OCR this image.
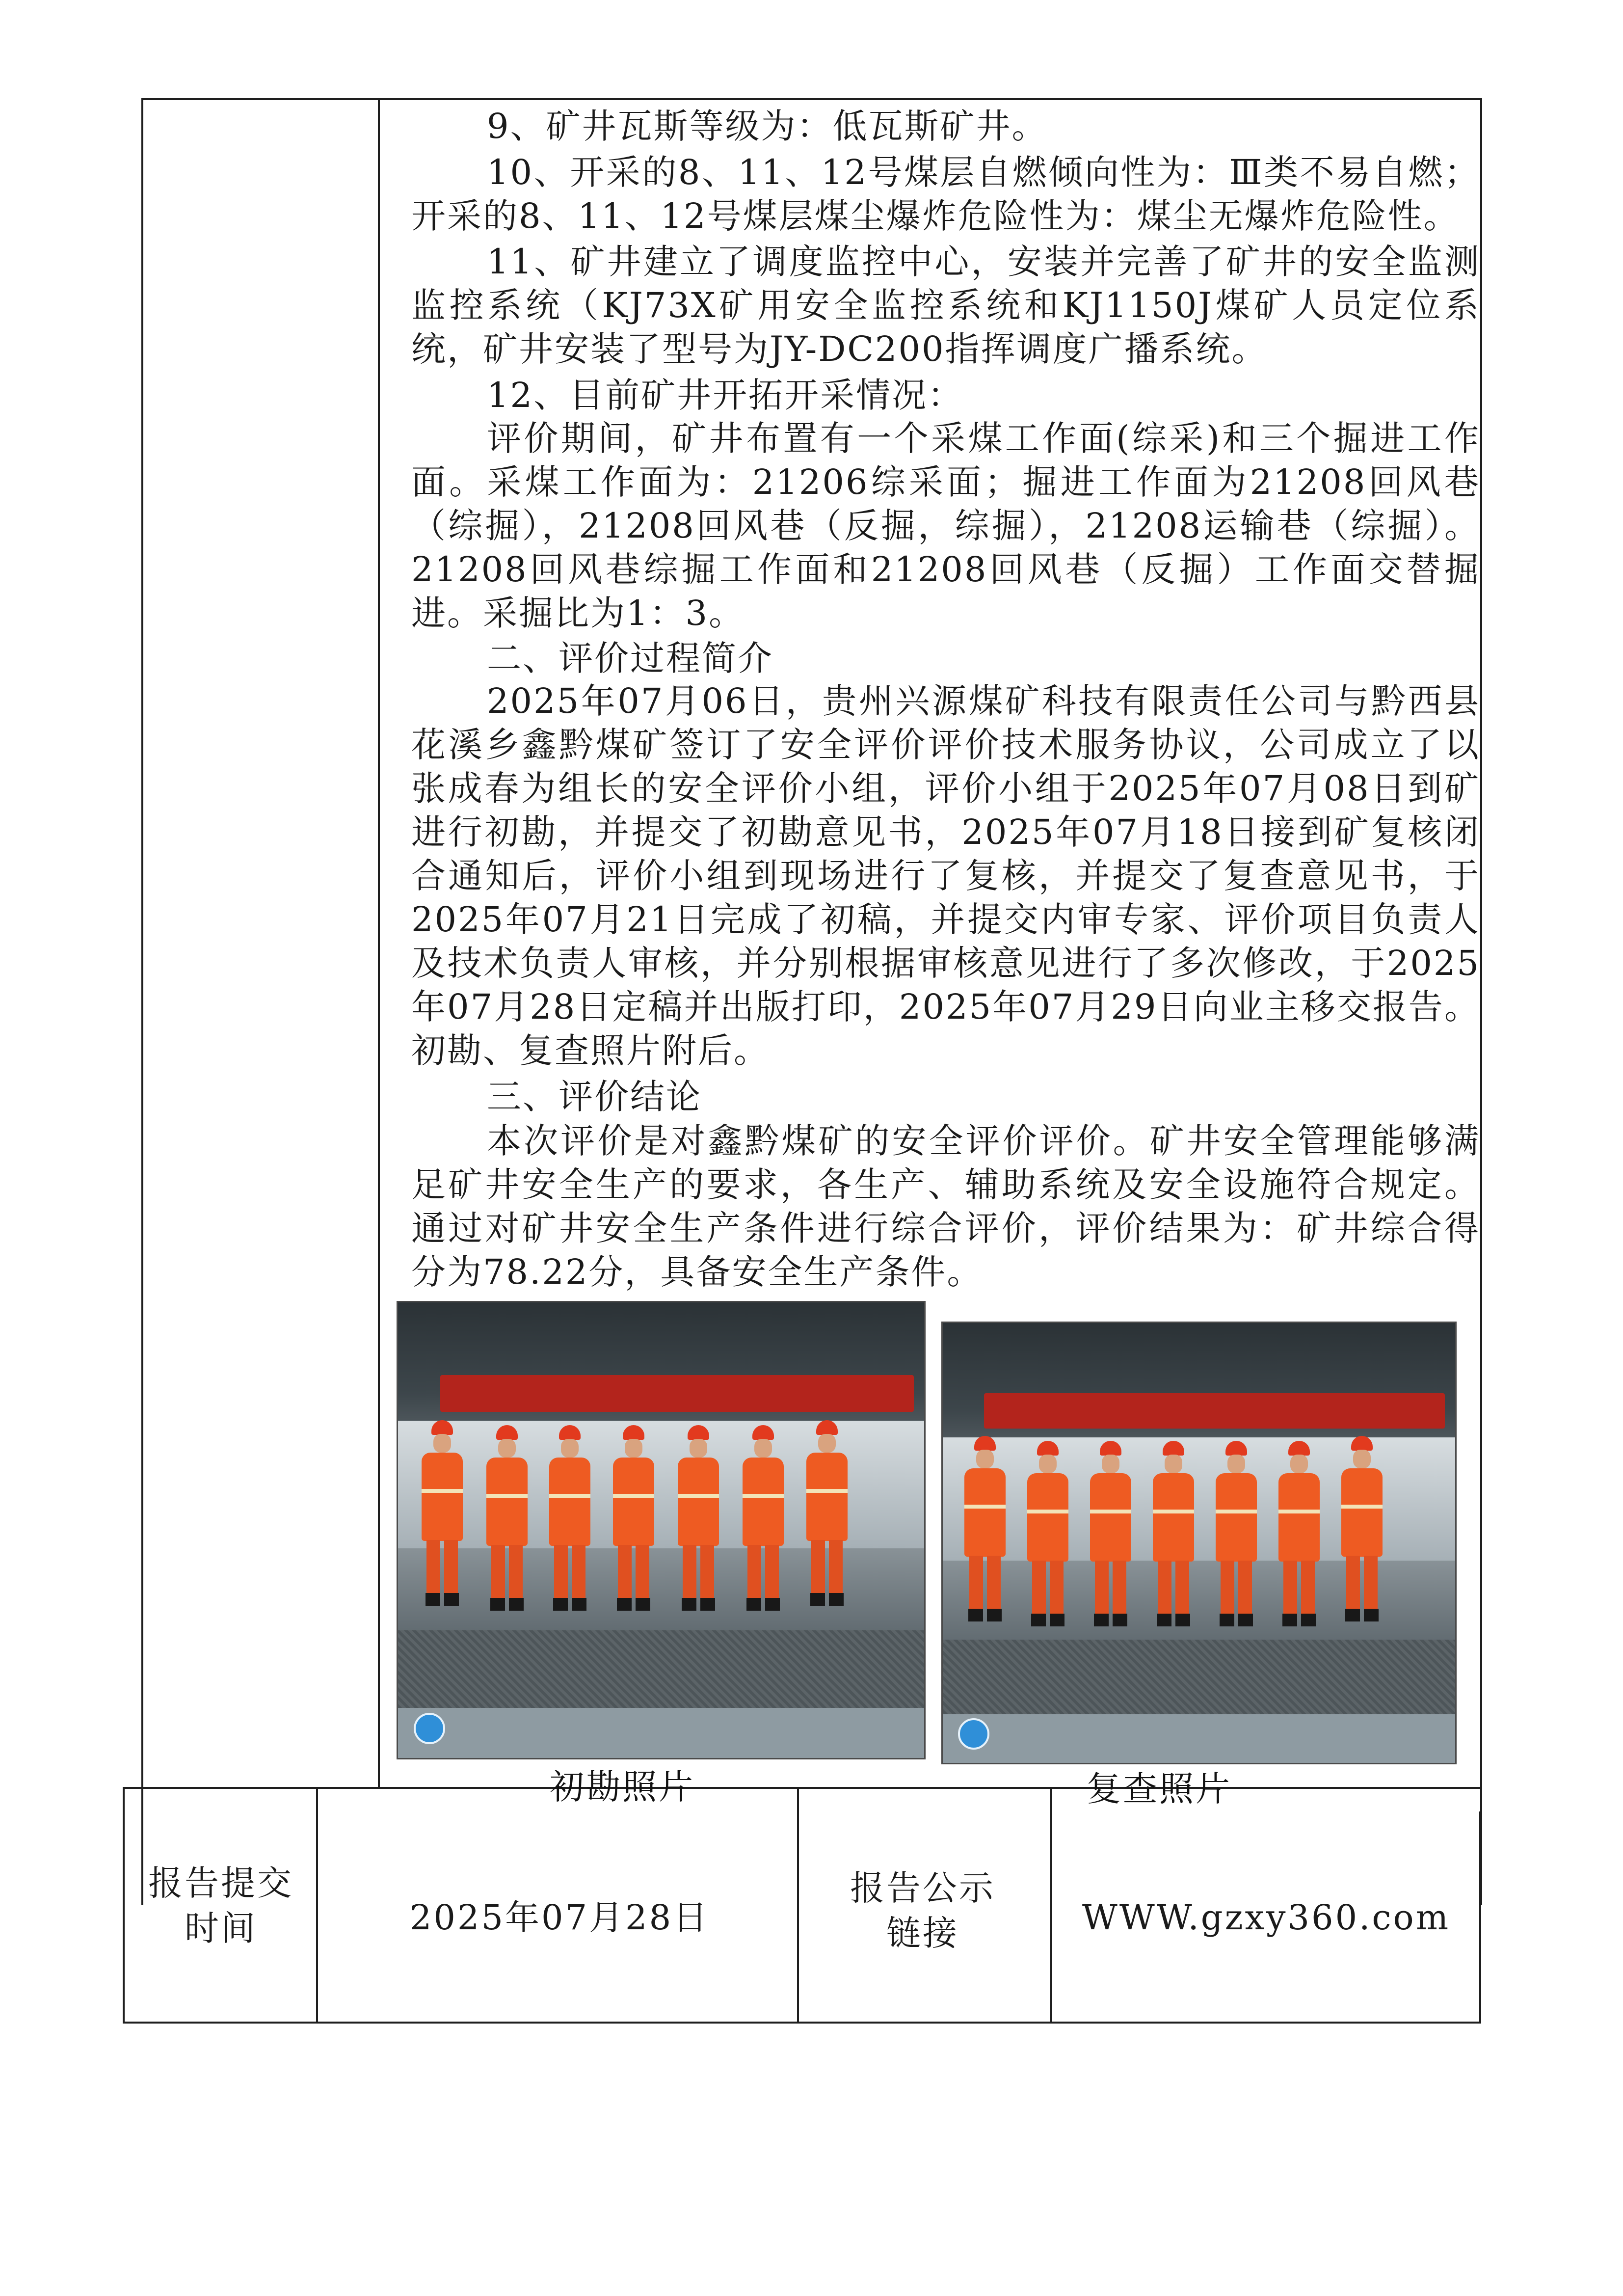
9、矿井瓦斯等级为：低瓦斯矿井。

10、开采的8、11、12号煤层自燃倾向性为：Ⅲ类不易自燃；开采的8、11、12号煤层煤尘爆炸危险性为：煤尘无爆炸危险性。

11、矿井建立了调度监控中心，安装并完善了矿井的安全监测监控系统（KJ73X矿用安全监控系统和KJ1150J煤矿人员定位系统，矿井安装了型号为JY-DC200指挥调度广播系统。

12、目前矿井开拓开采情况：

评价期间，矿井布置有一个采煤工作面(综采)和三个掘进工作面。采煤工作面为：21206综采面；掘进工作面为21208回风巷（综掘），21208回风巷（反掘，综掘），21208运输巷（综掘）。21208回风巷综掘工作面和21208回风巷（反掘）工作面交替掘进。采掘比为1：3。

二、评价过程简介

2025年07月06日，贵州兴源煤矿科技有限责任公司与黔西县花溪乡鑫黔煤矿签订了安全评价评价技术服务协议，公司成立了以张成春为组长的安全评价小组，评价小组于2025年07月08日到矿进行初勘，并提交了初勘意见书，2025年07月18日接到矿复核闭合通知后，评价小组到现场进行了复核，并提交了复查意见书，于2025年07月21日完成了初稿，并提交内审专家、评价项目负责人及技术负责人审核，并分别根据审核意见进行了多次修改，于2025年07月28日定稿并出版打印，2025年07月29日向业主移交报告。初勘、复查照片附后。

三、评价结论

本次评价是对鑫黔煤矿的安全评价评价。矿井安全管理能够满足矿井安全生产的要求，各生产、辅助系统及安全设施符合规定。通过对矿井安全生产条件进行综合评价，评价结果为：矿井综合得分为78.22分，具备安全生产条件。

初勘照片	复查照片
报告提交时间	2025年07月28日
报告公示链接	WWW.gzxy360.com
